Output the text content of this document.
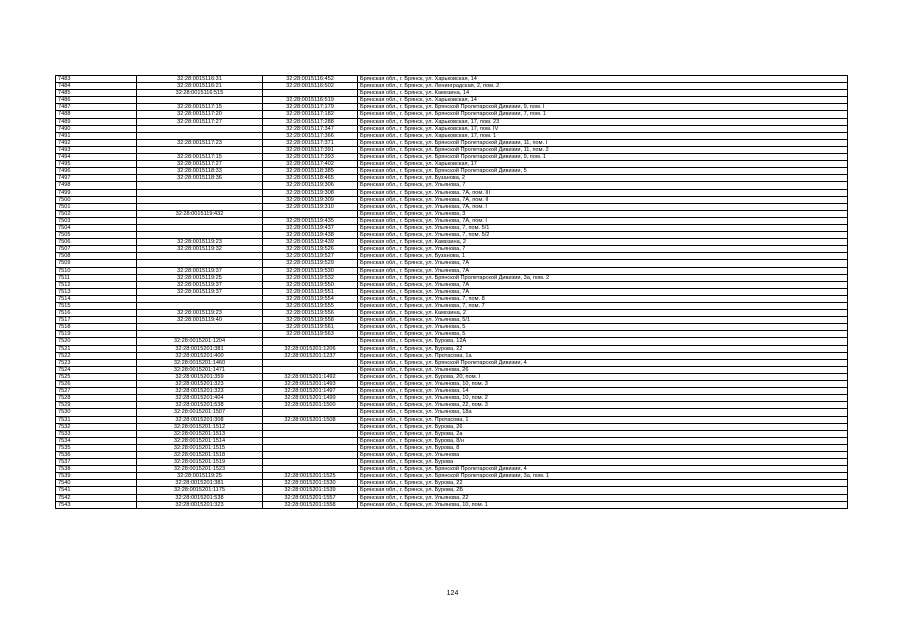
7483	32:28:0015116:31	32:28:0015116:452	Брянская обл., г. Брянск, ул. Харьковская, 14
7484	32:28:0015116:21	32:28:0015116:502	Брянская обл., г. Брянск, ул. Ленинградская, 2, пом. 2
7485	32:28:0015116:515		Брянская обл., г. Брянск, ул. Камозина, 14
7486		32:28:0015116:519	Брянская обл., г. Брянск, ул. Харьковская, 14
7487	32:28:0015117:15	32:28:0015117:179	Брянская обл., г. Брянск, ул. Брянской Пролетарской Дивизии, 9, пом. I
7488	32:28:0015117:20	32:28:0015117:182	Брянская обл., г. Брянск, ул. Брянской Пролетарской Дивизии, 7, пом. 1
7489	32:28:0015117:27	32:28:0015117:288	Брянская обл., г. Брянск, ул. Харьковская, 17, пом. 23
7490		32:28:0015117:347	Брянская обл., г. Брянск, ул. Харьковская, 17, пом. IV
7491		32:28:0015117:366	Брянская обл., г. Брянск, ул. Харьковская, 17, пом. 1
7492	32:28:0015117:23	32:28:0015117:371	Брянская обл., г. Брянск, ул. Брянской Пролетарской Дивизии, 11, пом. I
7493		32:28:0015117:391	Брянская обл., г. Брянск, ул. Брянской Пролетарской Дивизии, 11, пом. 2
7494	32:28:0015117:15	32:28:0015117:393	Брянская обл., г. Брянск, ул. Брянской Пролетарской Дивизии, 9, пом. 1
7495	32:28:0015117:27	32:28:0015117:402	Брянская обл., г. Брянск, ул. Харьковская, 17
7496	32:28:0015118:33	32:28:0015118:385	Брянская обл., г. Брянск, ул. Брянской Пролетарской Дивизии, 5
7497	32:28:0015118:36	32:28:0015118:465	Брянская обл., г. Брянск, ул. Бузанова, 2
7498		32:28:0015119:306	Брянская обл., г. Брянск, ул. Ульянова, 7
7499		32:28:0015119:308	Брянская обл., г. Брянск, ул. Ульянова, 7А, пом. III
7500		32:28:0015119:309	Брянская обл., г. Брянск, ул. Ульянова, 7А, пом. II
7501		32:28:0015119:310	Брянская обл., г. Брянск, ул. Ульянова, 7А, пом. I
7502	32:28:0015119:432		Брянская обл., г. Брянск, ул. Ульянова, 3
7503		32:28:0015119:435	Брянская обл., г. Брянск, ул. Ульянова, 7А, пом. I
7504		32:28:0015119:437	Брянская обл., г. Брянск, ул. Ульянова, 7, пом. 5/1
7505		32:28:0015119:438	Брянская обл., г. Брянск, ул. Ульянова, 7, пом. 5/2
7506	32:28:0015119:23	32:28:0015119:439	Брянская обл., г. Брянск, ул. Камозина, 2
7507	32:28:0015119:32	32:28:0015119:526	Брянская обл., г. Брянск, ул. Ульянова, 7
7508		32:28:0015119:527	Брянская обл., г. Брянск, ул. Бузанова, 1
7509		32:28:0015119:529	Брянская обл., г. Брянск, ул. Ульянова, 7А
7510	32:28:0015119:37	32:28:0015119:530	Брянская обл., г. Брянск, ул. Ульянова, 7А
7511	32:28:0015119:25	32:28:0015119:532	Брянская обл., г. Брянск, ул. Брянской Пролетарской Дивизии, 3а, пом. 2
7512	32:28:0015119:37	32:28:0015119:550	Брянская обл., г. Брянск, ул. Ульянова, 7А
7513	32:28:0015119:37	32:28:0015119:551	Брянская обл., г. Брянск, ул. Ульянова, 7А
7514		32:28:0015119:554	Брянская обл., г. Брянск, ул. Ульянова, 7, пом. 8
7515		32:28:0015119:555	Брянская обл., г. Брянск, ул. Ульянова, 7, пом. 7
7516	32:28:0015119:23	32:28:0015119:556	Брянская обл., г. Брянск, ул. Камозина, 2
7517	32:28:0015119:40	32:28:0015119:558	Брянская обл., г. Брянск, ул. Ульянова, 5/1
7518		32:28:0015119:561	Брянская обл., г. Брянск, ул. Ульянова, 5
7519		32:28:0015119:563	Брянская обл., г. Брянск, ул. Ульянова, 5
7520	32:28:0015201:1204		Брянская обл., г. Брянск, ул. Бурова, 12А
7521	32:28:0015201:381	32:28:0015201:1206	Брянская обл., г. Брянск, ул. Бурова, 22
7522	32:28:0015201:400	32:28:0015201:1237	Брянская обл., г. Брянск, ул. Протасова, 1а
7523	32:28:0015201:1460		Брянская обл., г. Брянск, ул. Брянской Пролетарской Дивизии, 4
7524	32:28:0015201:1471		Брянская обл., г. Брянск, ул. Ульянова, 26
7525	32:28:0015201:359	32:28:0015201:1492	Брянская обл., г. Брянск, ул. Бурова, 20, пом. I
7526	32:28:0015201:323	32:28:0015201:1493	Брянская обл., г. Брянск, ул. Ульянова, 10, пом. 3
7527	32:28:0015201:323	32:28:0015201:1497	Брянская обл., г. Брянск, ул. Ульянова, 14
7528	32:28:0015201:404	32:28:0015201:1499	Брянская обл., г. Брянск, ул. Ульянова, 10, пом. 2
7529	32:28:0015201:538	32:28:0015201:1500	Брянская обл., г. Брянск, ул. Ульянова, 22, пом. 3
7530	32:28:0015201:1507		Брянская обл., г. Брянск, ул. Ульянова, 18а
7531	32:28:0015201:308	32:28:0015201:1508	Брянская обл., г. Брянск, ул. Протасова, 1
7532	32:28:0015201:1512		Брянская обл., г. Брянск, ул. Бурова, 26
7533	32:28:0015201:1513		Брянская обл., г. Брянск, ул. Бурова, 2а
7534	32:28:0015201:1514		Брянская обл., г. Брянск, ул. Бурова, 8/н
7535	32:28:0015201:1515		Брянская обл., г. Брянск, ул. Бурова, 8
7536	32:28:0015201:1518		Брянская обл., г. Брянск, ул. Ульянова
7537	32:28:0015201:1519		Брянская обл., г. Брянск, ул. Бурова
7538	32:28:0015201:1523		Брянская обл., г. Брянск, ул. Брянской Пролетарской Дивизии, 4
7539	32:28:0015119:25	32:28:0015201:1525	Брянская обл., г. Брянск, ул. Брянской Пролетарской Дивизии, 3а, пом. 1
7540	32:28:0015201:381	32:28:0015201:1530	Брянская обл., г. Брянск, ул. Бурова, 22
7541	32:28:0015201:1175	32:28:0015201:1539	Брянская обл., г. Брянск, ул. Бурова, 2Б
7542	32:28:0015201:538	32:28:0015201:1557	Брянская обл., г. Брянск, ул. Ульянова, 22
7543	32:28:0015201:323	32:28:0015201:1558	Брянская обл., г. Брянск, ул. Ульянова, 10, пом. 1
124
